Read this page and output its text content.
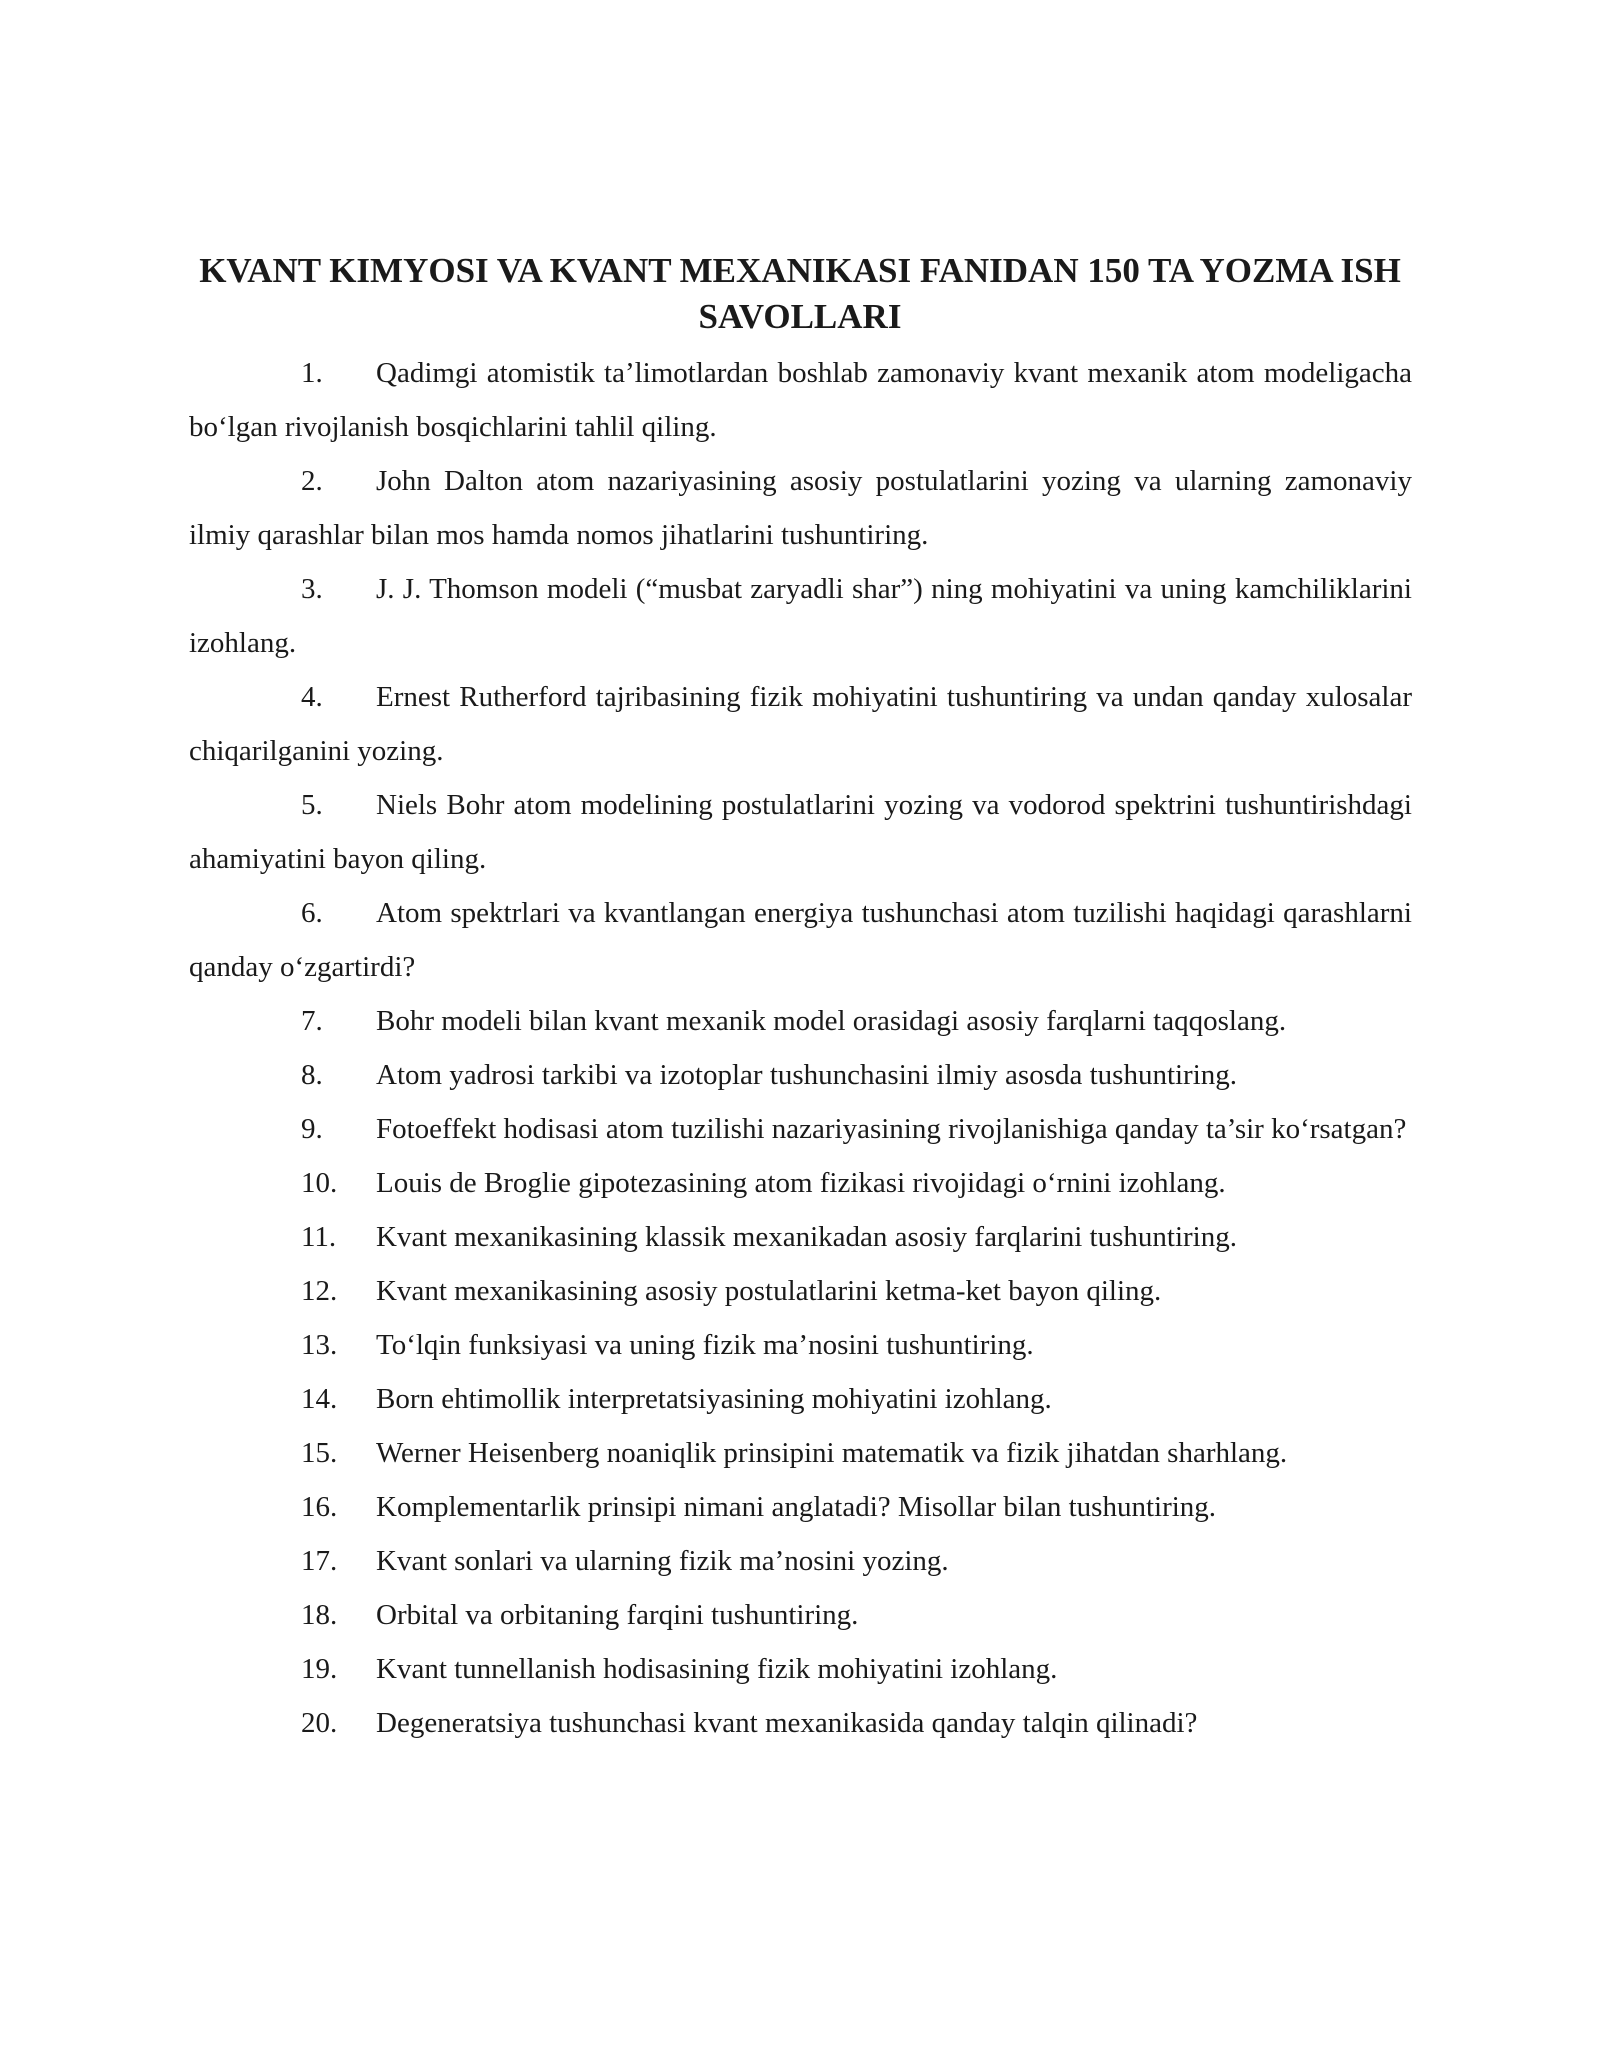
KVANT KIMYOSI VA KVANT MEXANIKASI FANIDAN 150 TA YOZMA ISH SAVOLLARI
1. Qadimgi atomistik ta’limotlardan boshlab zamonaviy kvant mexanik atom modeligacha bo‘lgan rivojlanish bosqichlarini tahlil qiling.
2. John Dalton atom nazariyasining asosiy postulatlarini yozing va ularning zamonaviy ilmiy qarashlar bilan mos hamda nomos jihatlarini tushuntiring.
3. J. J. Thomson modeli (“musbat zaryadli shar”) ning mohiyatini va uning kamchiliklarini izohlang.
4. Ernest Rutherford tajribasining fizik mohiyatini tushuntiring va undan qanday xulosalar chiqarilganini yozing.
5. Niels Bohr atom modelining postulatlarini yozing va vodorod spektrini tushuntirishdagi ahamiyatini bayon qiling.
6. Atom spektrlari va kvantlangan energiya tushunchasi atom tuzilishi haqidagi qarashlarni qanday o‘zgartirdi?
7. Bohr modeli bilan kvant mexanik model orasidagi asosiy farqlarni taqqoslang.
8. Atom yadrosi tarkibi va izotoplar tushunchasini ilmiy asosda tushuntiring.
9. Fotoeffekt hodisasi atom tuzilishi nazariyasining rivojlanishiga qanday ta’sir ko‘rsatgan?
10. Louis de Broglie gipotezasining atom fizikasi rivojidagi o‘rnini izohlang.
11. Kvant mexanikasining klassik mexanikadan asosiy farqlarini tushuntiring.
12. Kvant mexanikasining asosiy postulatlarini ketma-ket bayon qiling.
13. To‘lqin funksiyasi va uning fizik ma’nosini tushuntiring.
14. Born ehtimollik interpretatsiyasining mohiyatini izohlang.
15. Werner Heisenberg noaniqlik prinsipini matematik va fizik jihatdan sharhlang.
16. Komplementarlik prinsipi nimani anglatadi? Misollar bilan tushuntiring.
17. Kvant sonlari va ularning fizik ma’nosini yozing.
18. Orbital va orbitaning farqini tushuntiring.
19. Kvant tunnellanish hodisasining fizik mohiyatini izohlang.
20. Degeneratsiya tushunchasi kvant mexanikasida qanday talqin qilinadi?
